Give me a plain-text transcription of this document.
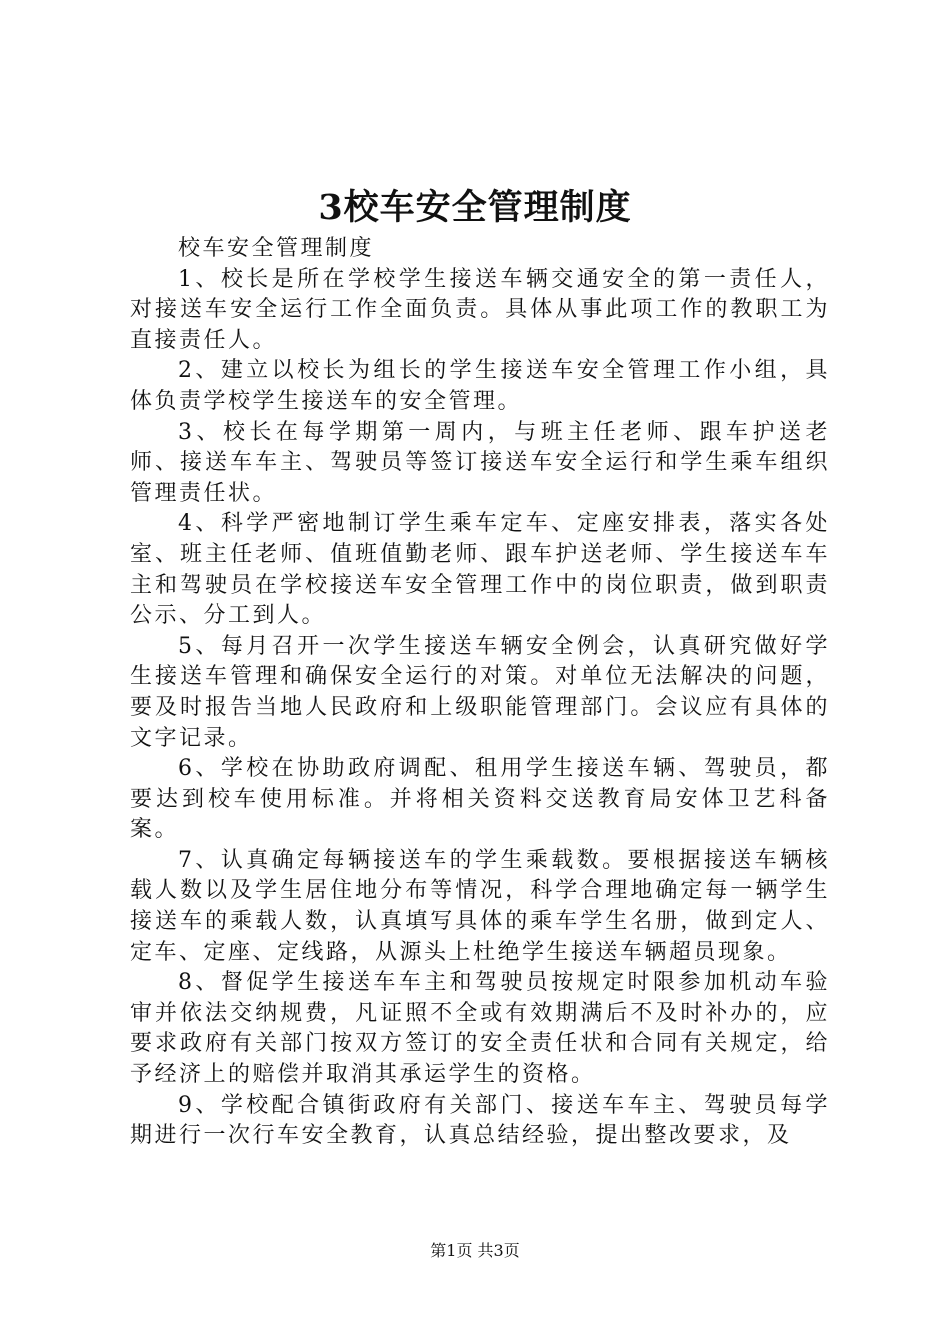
3校车安全管理制度

校车安全管理制度

1、校长是所在学校学生接送车辆交通安全的第一责任人，对接送车安全运行工作全面负责。具体从事此项工作的教职工为直接责任人。

2、建立以校长为组长的学生接送车安全管理工作小组，具体负责学校学生接送车的安全管理。

3、校长在每学期第一周内，与班主任老师、跟车护送老师、接送车车主、驾驶员等签订接送车安全运行和学生乘车组织管理责任状。

4、科学严密地制订学生乘车定车、定座安排表，落实各处室、班主任老师、值班值勤老师、跟车护送老师、学生接送车车主和驾驶员在学校接送车安全管理工作中的岗位职责，做到职责公示、分工到人。

5、每月召开一次学生接送车辆安全例会，认真研究做好学生接送车管理和确保安全运行的对策。对单位无法解决的问题，要及时报告当地人民政府和上级职能管理部门。会议应有具体的文字记录。

6、学校在协助政府调配、租用学生接送车辆、驾驶员，都要达到校车使用标准。并将相关资料交送教育局安体卫艺科备案。

7、认真确定每辆接送车的学生乘载数。要根据接送车辆核载人数以及学生居住地分布等情况，科学合理地确定每一辆学生接送车的乘载人数，认真填写具体的乘车学生名册，做到定人、定车、定座、定线路，从源头上杜绝学生接送车辆超员现象。

8、督促学生接送车车主和驾驶员按规定时限参加机动车验审并依法交纳规费，凡证照不全或有效期满后不及时补办的，应要求政府有关部门按双方签订的安全责任状和合同有关规定，给予经济上的赔偿并取消其承运学生的资格。

9、学校配合镇街政府有关部门、接送车车主、驾驶员每学期进行一次行车安全教育，认真总结经验，提出整改要求，及

第1页 共3页
